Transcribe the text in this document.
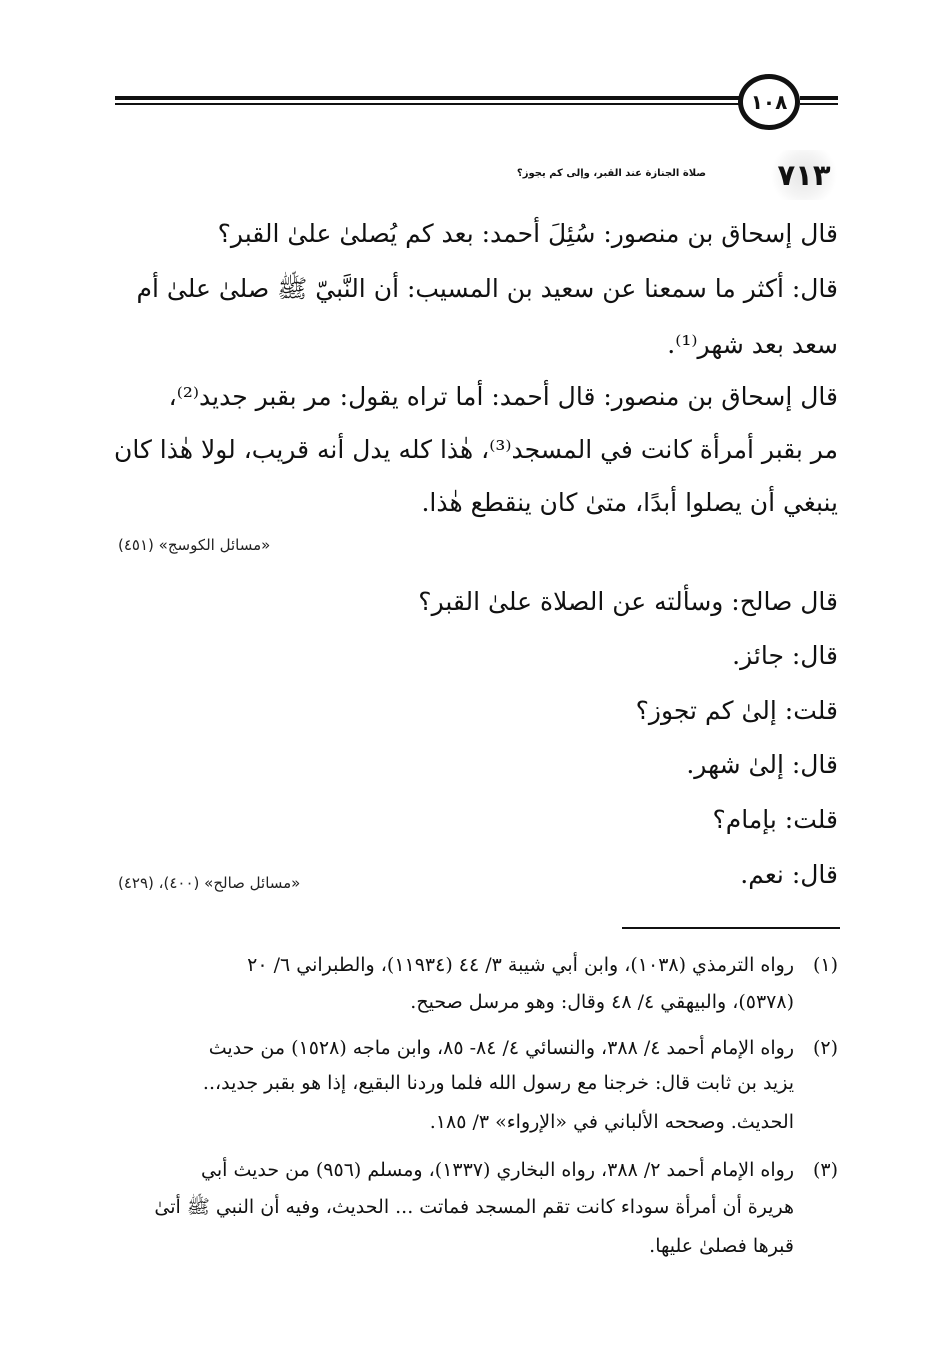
١٠٨
٧١٣
صلاة الجنازة عند القبر، وإلى كم يجوز؟
قال إسحاق بن منصور: سُئِلَ أحمد: بعد كم يُصلىٰ علىٰ القبر؟
قال: أكثر ما سمعنا عن سعيد بن المسيب: أن النَّبيّ ﷺ صلىٰ علىٰ أم
سعد بعد شهر⁽¹⁾.
قال إسحاق بن منصور: قال أحمد: أما تراه يقول: مر بقبر جديد⁽²⁾،
مر بقبر أمرأة كانت في المسجد⁽³⁾، هٰذا كله يدل أنه قريب، لولا هٰذا كان
ينبغي أن يصلوا أبدًا، متىٰ كان ينقطع هٰذا.
«مسائل الكوسج» (٤٥١)
قال صالح: وسألته عن الصلاة علىٰ القبر؟
قال: جائز.
قلت: إلىٰ كم تجوز؟
قال: إلىٰ شهر.
قلت: بإمام؟
قال: نعم.
«مسائل صالح» (٤٠٠)، (٤٢٩)
(١)
رواه الترمذي (١٠٣٨)، وابن أبي شيبة ٣/ ٤٤ (١١٩٣٤)، والطبراني ٦/ ٢٠
(٥٣٧٨)، والبيهقي ٤/ ٤٨ وقال: وهو مرسل صحيح.
(٢)
رواه الإمام أحمد ٤/ ٣٨٨، والنسائي ٤/ ٨٤- ٨٥، وابن ماجه (١٥٢٨) من حديث
يزيد بن ثابت قال: خرجنا مع رسول الله فلما وردنا البقيع، إذا هو بقبر جديد،..
الحديث. وصححه الألباني في «الإرواء» ٣/ ١٨٥.
(٣)
رواه الإمام أحمد ٢/ ٣٨٨، رواه البخاري (١٣٣٧)، ومسلم (٩٥٦) من حديث أبي
هريرة أن أمرأة سوداء كانت تقم المسجد فماتت ... الحديث، وفيه أن النبي ﷺ أتىٰ
قبرها فصلىٰ عليها.
